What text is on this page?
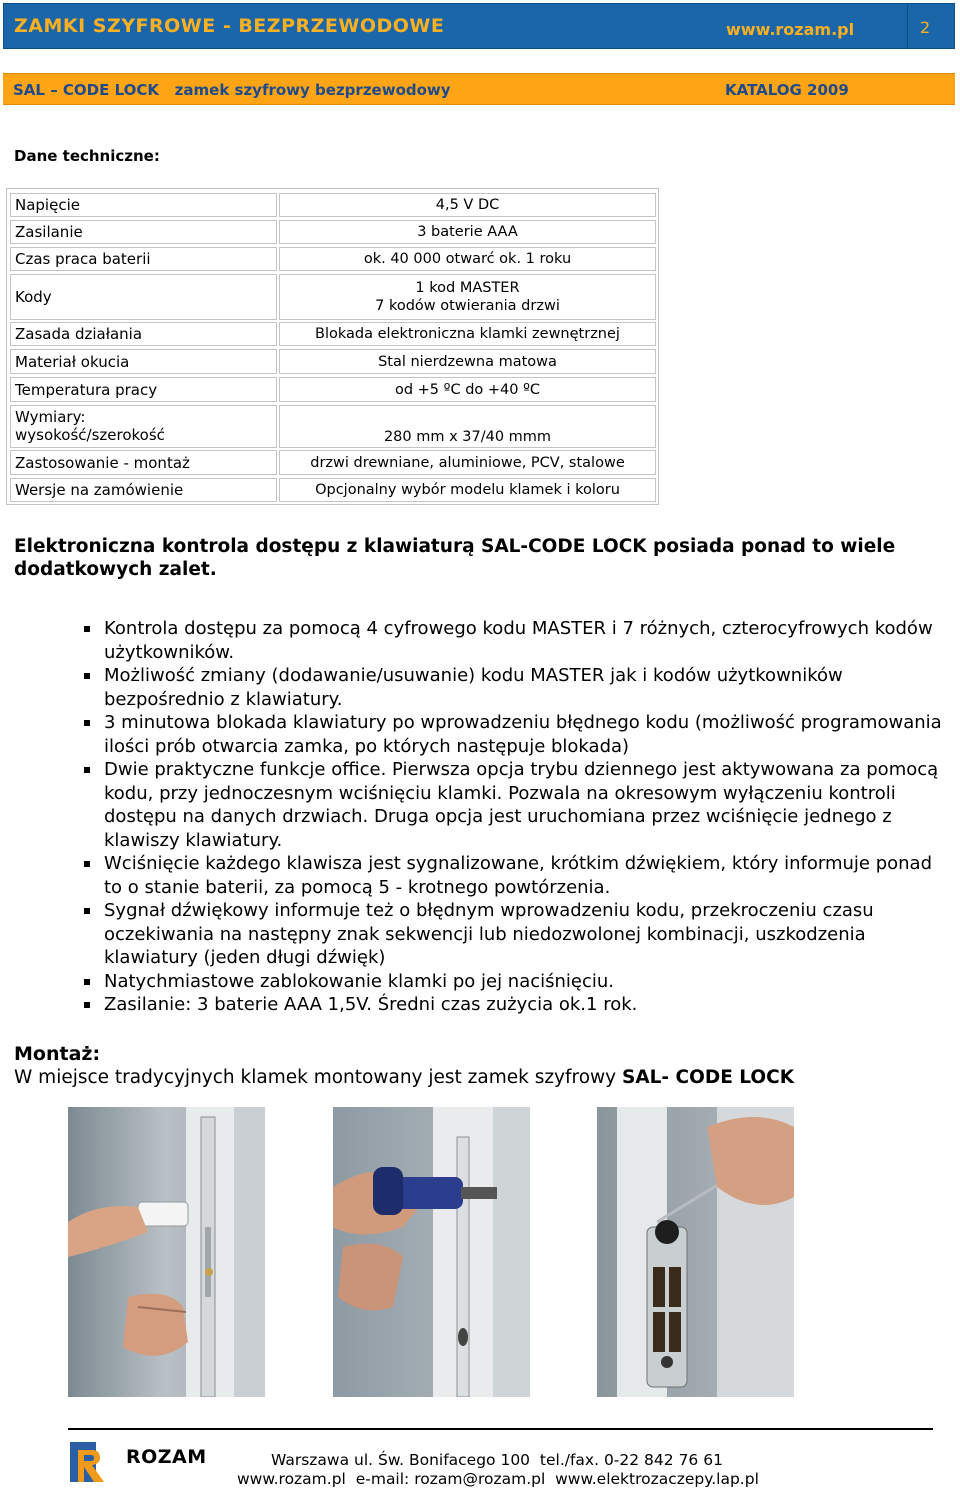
ZAMKI SZYFROWE - BEZPRZEWODOWE	www.rozam.pl	2
SAL – CODE LOCK   zamek szyfrowy bezprzewodowy	KATALOG 2009
Dane techniczne:
Napięcie	4,5 V DC
Zasilanie	3 baterie AAA
Czas praca baterii	ok. 40 000 otwarć ok. 1 roku
Kody	1 kod MASTER
7 kodów otwierania drzwi
Zasada działania	Blokada elektroniczna klamki zewnętrznej
Materiał okucia	Stal nierdzewna matowa
Temperatura pracy	od +5 ºC do +40 ºC
Wymiary:
wysokość/szerokość	280 mm x 37/40 mmm
Zastosowanie - montaż	drzwi drewniane, aluminiowe, PCV, stalowe
Wersje na zamówienie	Opcjonalny wybór modelu klamek i koloru
Elektroniczna kontrola dostępu z klawiaturą SAL-CODE LOCK posiada ponad to wiele dodatkowych zalet.
Kontrola dostępu za pomocą 4 cyfrowego kodu MASTER i 7 różnych, czterocyfrowych kodów użytkowników.
Możliwość zmiany (dodawanie/usuwanie) kodu MASTER jak i kodów użytkowników bezpośrednio z klawiatury.
3 minutowa blokada klawiatury po wprowadzeniu błędnego kodu (możliwość programowania ilości prób otwarcia zamka, po których następuje blokada)
Dwie praktyczne funkcje office. Pierwsza opcja trybu dziennego jest aktywowana za pomocą kodu, przy jednoczesnym wciśnięciu klamki. Pozwala na okresowym wyłączeniu kontroli dostępu na danych drzwiach. Druga opcja jest uruchomiana przez wciśnięcie jednego z klawiszy klawiatury.
Wciśnięcie każdego klawisza jest sygnalizowane, krótkim dźwiękiem, który informuje ponad to o stanie baterii, za pomocą 5 - krotnego powtórzenia.
Sygnał dźwiękowy informuje też o błędnym wprowadzeniu kodu, przekroczeniu czasu oczekiwania na następny znak sekwencji lub niedozwolonej kombinacji, uszkodzenia klawiatury (jeden długi dźwięk)
Natychmiastowe zablokowanie klamki po jej naciśnięciu.
Zasilanie: 3 baterie AAA 1,5V. Średni czas zużycia ok.1 rok.
Montaż:
W miejsce tradycyjnych klamek montowany jest zamek szyfrowy SAL- CODE LOCK
ROZAM	Warszawa ul. Św. Bonifacego 100  tel./fax. 0-22 842 76 61
www.rozam.pl  e-mail: rozam@rozam.pl  www.elektrozaczepy.lap.pl
